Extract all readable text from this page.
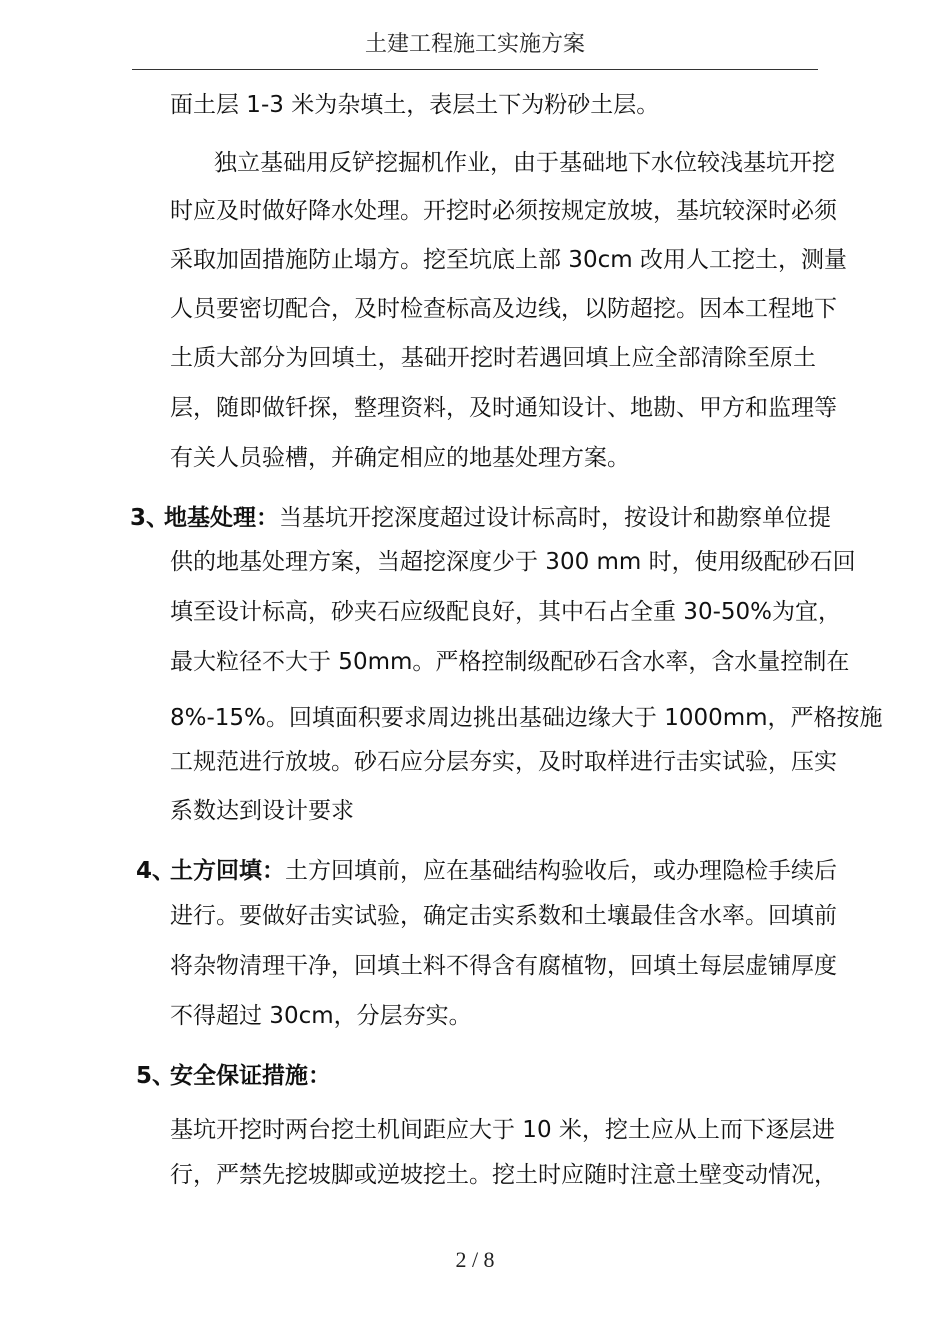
土建工程施工实施方案
面土层 1-3 米为杂填土，表层土下为粉砂土层。
独立基础用反铲挖掘机作业，由于基础地下水位较浅基坑开挖
时应及时做好降水处理。开挖时必须按规定放坡，基坑较深时必须
采取加固措施防止塌方。挖至坑底上部 30cm 改用人工挖土，测量
人员要密切配合，及时检查标高及边线，以防超挖。因本工程地下
土质大部分为回填土，基础开挖时若遇回填上应全部清除至原土
层，随即做钎探，整理资料，及时通知设计、地勘、甲方和监理等
有关人员验槽，并确定相应的地基处理方案。
3、
地基处理：当基坑开挖深度超过设计标高时，按设计和勘察单位提
供的地基处理方案，当超挖深度少于 300 mm 时，使用级配砂石回
填至设计标高，砂夹石应级配良好，其中石占全重 30-50%为宜，
最大粒径不大于 50mm。严格控制级配砂石含水率，含水量控制在
8%-15%。回填面积要求周边挑出基础边缘大于 1000mm，严格按施
工规范进行放坡。砂石应分层夯实，及时取样进行击实试验，压实
系数达到设计要求
4、
土方回填：土方回填前，应在基础结构验收后，或办理隐检手续后
进行。要做好击实试验，确定击实系数和土壤最佳含水率。回填前
将杂物清理干净，回填土料不得含有腐植物，回填土每层虚铺厚度
不得超过 30cm，分层夯实。
5、
安全保证措施：
基坑开挖时两台挖土机间距应大于 10 米，挖土应从上而下逐层进
行，严禁先挖坡脚或逆坡挖土。挖土时应随时注意土壁变动情况，
2 / 8
